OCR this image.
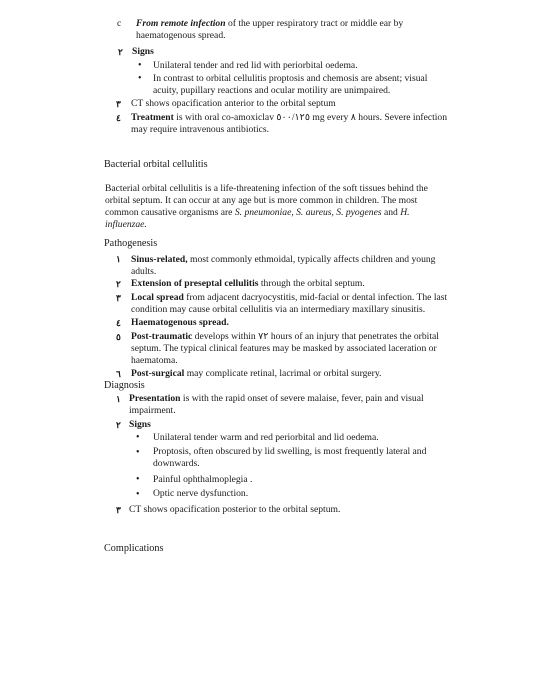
c From remote infection of the upper respiratory tract or middle ear by
haematogenous spread.
٢ Signs
• Unilateral tender and red lid with periorbital oedema.
• In contrast to orbital cellulitis proptosis and chemosis are absent; visual
acuity, pupillary reactions and ocular motility are unimpaired.
٣ CT shows opacification anterior to the orbital septum
٤ Treatment is with oral co-amoxiclav ٥٠٠/١٢٥ mg every ٨ hours. Severe infection
may require intravenous antibiotics.
Bacterial orbital cellulitis
Bacterial orbital cellulitis is a life-threatening infection of the soft tissues behind the
orbital septum. It can occur at any age but is more common in children. The most
common causative organisms are S. pneumoniae, S. aureus, S. pyogenes and H.
influenzae.
Pathogenesis
١ Sinus-related, most commonly ethmoidal, typically affects children and young
adults.
٢ Extension of preseptal cellulitis through the orbital septum.
٣ Local spread from adjacent dacryocystitis, mid-facial or dental infection. The last
condition may cause orbital cellulitis via an intermediary maxillary sinusitis.
٤ Haematogenous spread.
٥ Post-traumatic develops within ٧٢ hours of an injury that penetrates the orbital
septum. The typical clinical features may be masked by associated laceration or
haematoma.
٦ Post-surgical may complicate retinal, lacrimal or orbital surgery.
Diagnosis
١ Presentation is with the rapid onset of severe malaise, fever, pain and visual
impairment.
٢ Signs
• Unilateral tender warm and red periorbital and lid oedema.
• Proptosis, often obscured by lid swelling, is most frequently lateral and
downwards.
• Painful ophthalmoplegia .
• Optic nerve dysfunction.
٣ CT shows opacification posterior to the orbital septum.
Complications
